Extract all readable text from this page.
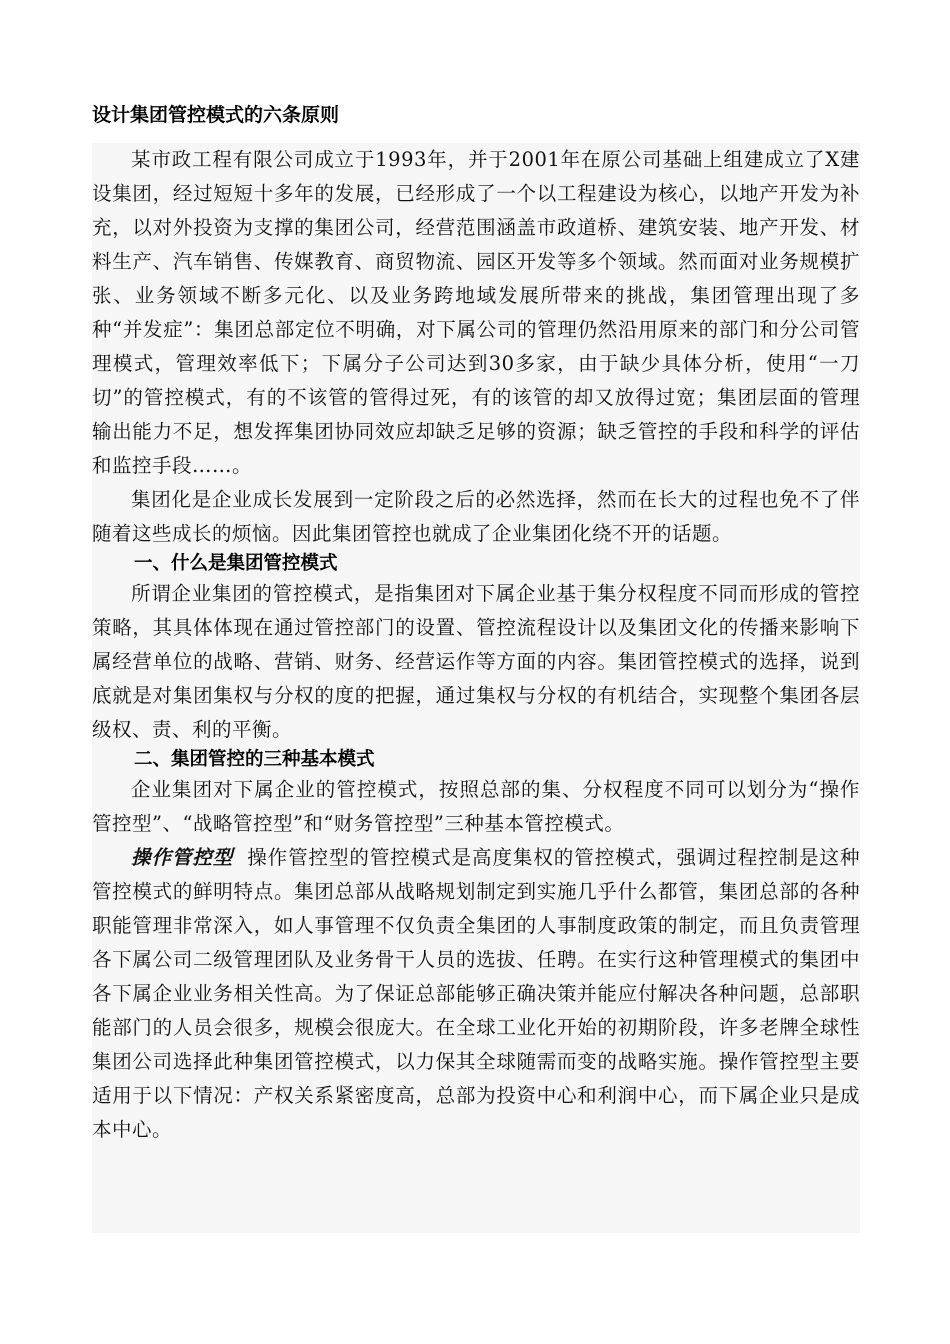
设计集团管控模式的六条原则

某市政工程有限公司成立于1993年，并于2001年在原公司基础上组建成立了X建设集团，经过短短十多年的发展，已经形成了一个以工程建设为核心，以地产开发为补充，以对外投资为支撑的集团公司，经营范围涵盖市政道桥、建筑安装、地产开发、材料生产、汽车销售、传媒教育、商贸物流、园区开发等多个领域。然而面对业务规模扩张、业务领域不断多元化、以及业务跨地域发展所带来的挑战，集团管理出现了多种“并发症”：集团总部定位不明确，对下属公司的管理仍然沿用原来的部门和分公司管理模式，管理效率低下；下属分子公司达到30多家，由于缺少具体分析，使用“一刀切”的管控模式，有的不该管的管得过死，有的该管的却又放得过宽；集团层面的管理输出能力不足，想发挥集团协同效应却缺乏足够的资源；缺乏管控的手段和科学的评估和监控手段……。

集团化是企业成长发展到一定阶段之后的必然选择，然而在长大的过程也免不了伴随着这些成长的烦恼。因此集团管控也就成了企业集团化绕不开的话题。

一、什么是集团管控模式

所谓企业集团的管控模式，是指集团对下属企业基于集分权程度不同而形成的管控策略，其具体体现在通过管控部门的设置、管控流程设计以及集团文化的传播来影响下属经营单位的战略、营销、财务、经营运作等方面的内容。集团管控模式的选择，说到底就是对集团集权与分权的度的把握，通过集权与分权的有机结合，实现整个集团各层级权、责、利的平衡。

二、集团管控的三种基本模式

企业集团对下属企业的管控模式，按照总部的集、分权程度不同可以划分为“操作管控型”、“战略管控型”和“财务管控型”三种基本管控模式。

操作管控型 操作管控型的管控模式是高度集权的管控模式，强调过程控制是这种管控模式的鲜明特点。集团总部从战略规划制定到实施几乎什么都管，集团总部的各种职能管理非常深入，如人事管理不仅负责全集团的人事制度政策的制定，而且负责管理各下属公司二级管理团队及业务骨干人员的选拔、任聘。在实行这种管理模式的集团中各下属企业业务相关性高。为了保证总部能够正确决策并能应付解决各种问题，总部职能部门的人员会很多，规模会很庞大。在全球工业化开始的初期阶段，许多老牌全球性集团公司选择此种集团管控模式，以力保其全球随需而变的战略实施。操作管控型主要适用于以下情况：产权关系紧密度高，总部为投资中心和利润中心，而下属企业只是成本中心。
